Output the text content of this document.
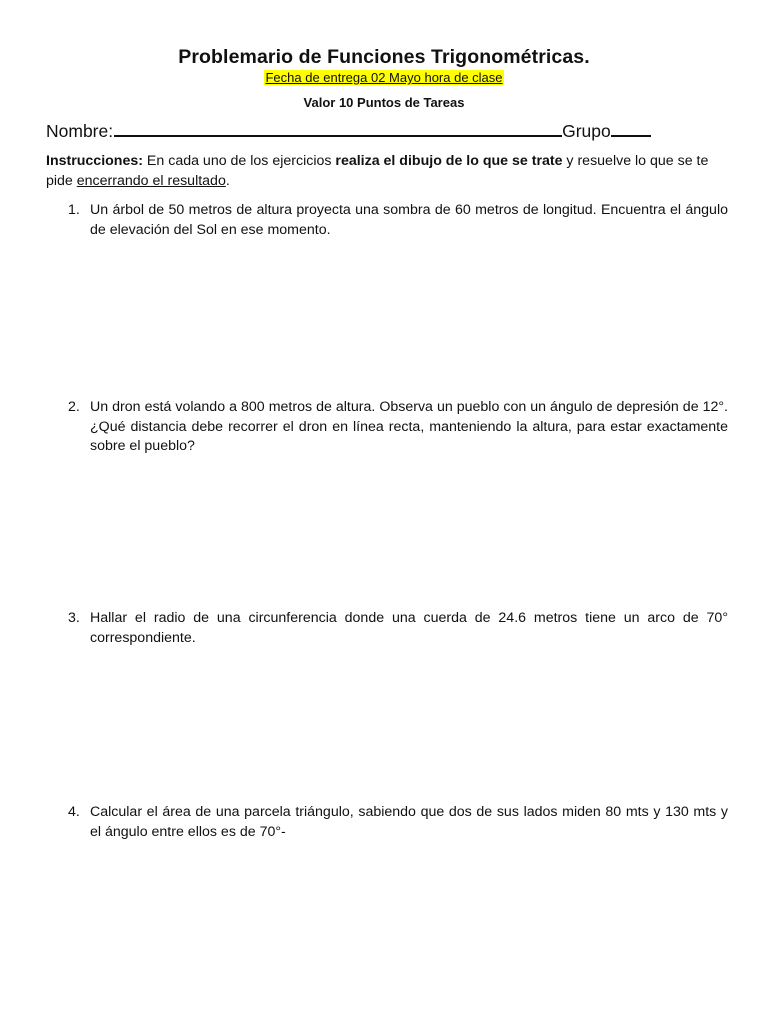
Problemario de Funciones Trigonométricas.
Fecha de entrega 02 Mayo hora de clase
Valor 10 Puntos de Tareas
Nombre:	Grupo
Instrucciones: En cada uno de los ejercicios realiza el dibujo de lo que se trate y resuelve lo que se te pide encerrando el resultado.
1. Un árbol de 50 metros de altura proyecta una sombra de 60 metros de longitud. Encuentra el ángulo de elevación del Sol en ese momento.
2. Un dron está volando a 800 metros de altura. Observa un pueblo con un ángulo de depresión de 12°. ¿Qué distancia debe recorrer el dron en línea recta, manteniendo la altura, para estar exactamente sobre el pueblo?
3. Hallar el radio de una circunferencia donde una cuerda de 24.6 metros tiene un arco de 70° correspondiente.
4. Calcular el área de una parcela triángulo, sabiendo que dos de sus lados miden 80 mts y 130 mts y el ángulo entre ellos es de 70°-
